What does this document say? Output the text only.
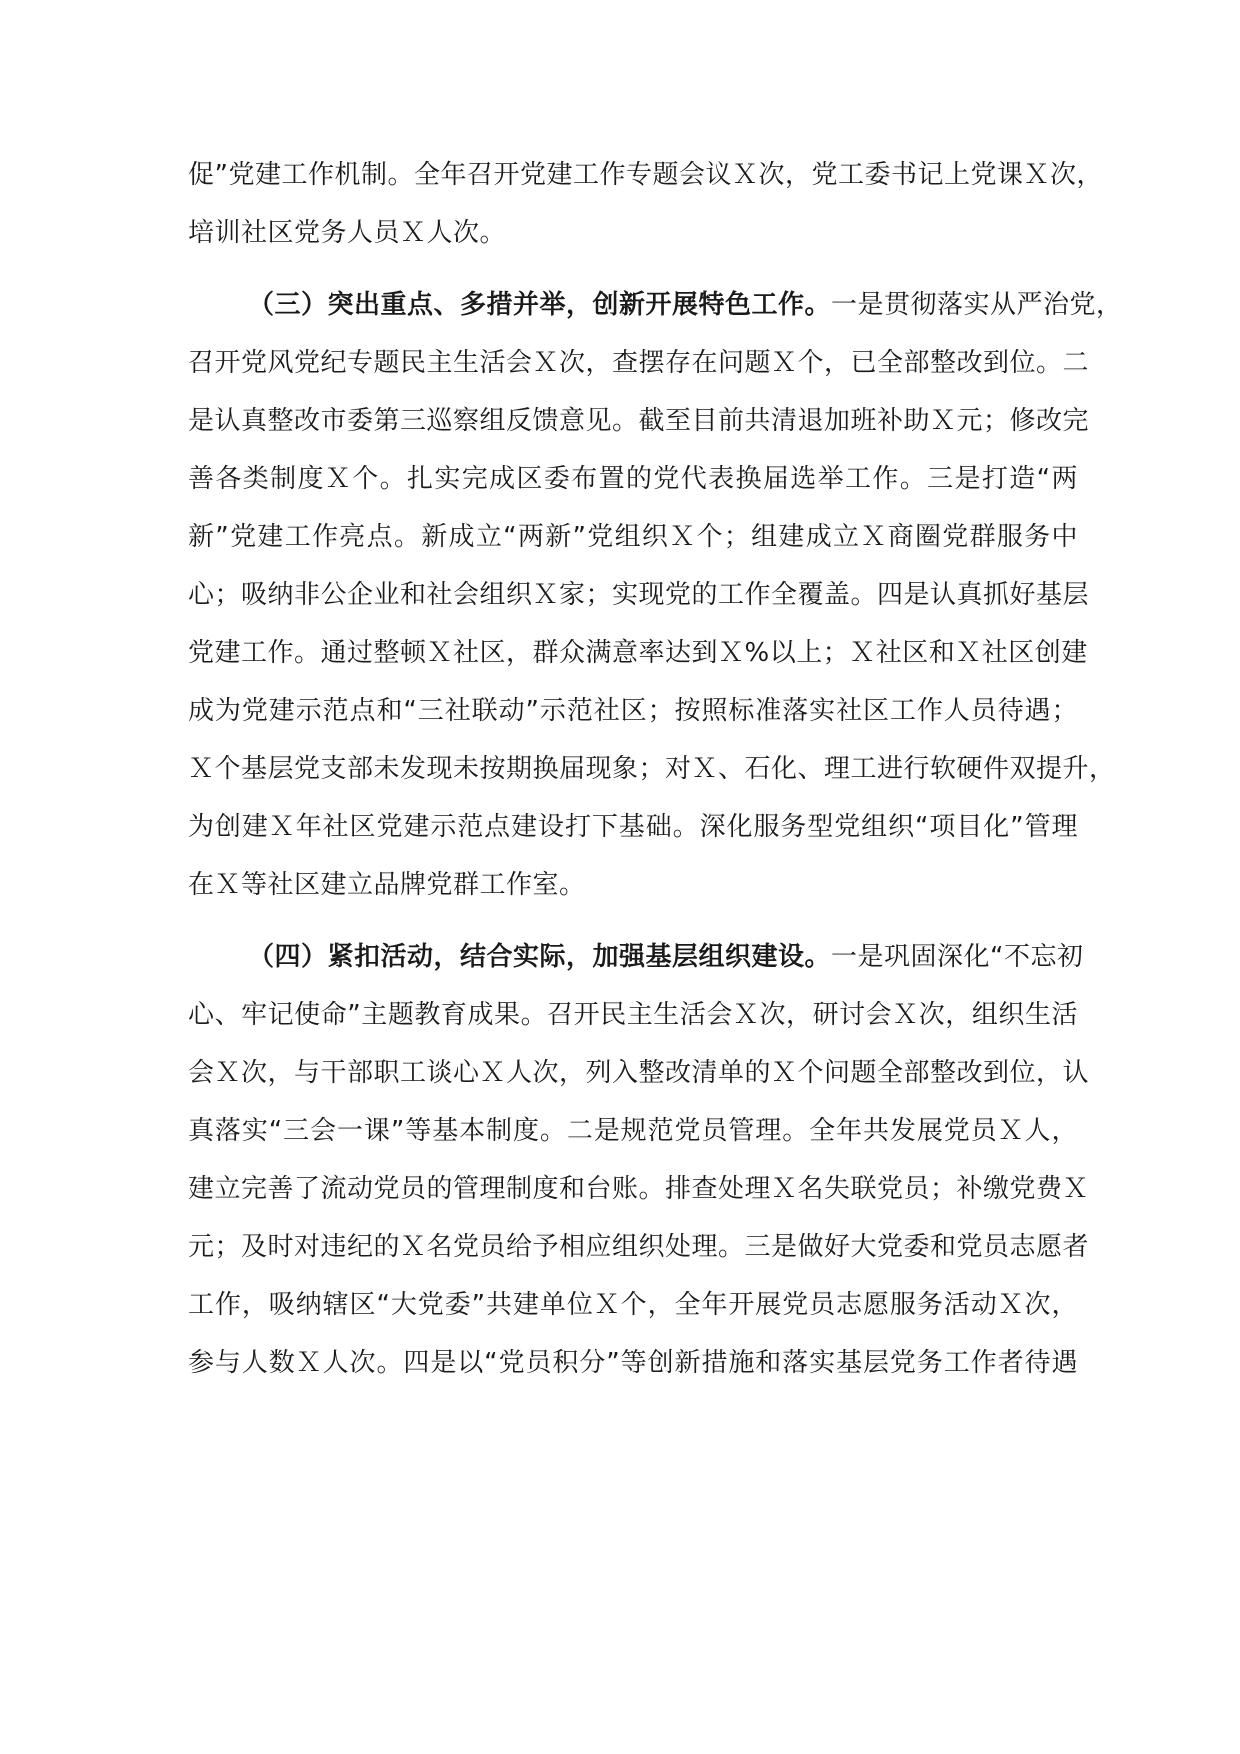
促”党建工作机制。全年召开党建工作专题会议Ｘ次，党工委书记上党课Ｘ次，
培训社区党务人员Ｘ人次。
（三）突出重点、多措并举，创新开展特色工作。一是贯彻落实从严治党，
召开党风党纪专题民主生活会Ｘ次，查摆存在问题Ｘ个，已全部整改到位。二
是认真整改市委第三巡察组反馈意见。截至目前共清退加班补助Ｘ元；修改完
善各类制度Ｘ个。扎实完成区委布置的党代表换届选举工作。三是打造“两
新”党建工作亮点。新成立“两新”党组织Ｘ个；组建成立Ｘ商圈党群服务中
心；吸纳非公企业和社会组织Ｘ家；实现党的工作全覆盖。四是认真抓好基层
党建工作。通过整顿Ｘ社区，群众满意率达到Ｘ%以上；Ｘ社区和Ｘ社区创建
成为党建示范点和“三社联动”示范社区；按照标准落实社区工作人员待遇；
Ｘ个基层党支部未发现未按期换届现象；对Ｘ、石化、理工进行软硬件双提升，
为创建Ｘ年社区党建示范点建设打下基础。深化服务型党组织“项目化”管理
在Ｘ等社区建立品牌党群工作室。
（四）紧扣活动，结合实际，加强基层组织建设。一是巩固深化“不忘初
心、牢记使命”主题教育成果。召开民主生活会Ｘ次，研讨会Ｘ次，组织生活
会Ｘ次，与干部职工谈心Ｘ人次，列入整改清单的Ｘ个问题全部整改到位，认
真落实“三会一课”等基本制度。二是规范党员管理。全年共发展党员Ｘ人，
建立完善了流动党员的管理制度和台账。排查处理Ｘ名失联党员；补缴党费Ｘ
元；及时对违纪的Ｘ名党员给予相应组织处理。三是做好大党委和党员志愿者
工作，吸纳辖区“大党委”共建单位Ｘ个，全年开展党员志愿服务活动Ｘ次，
参与人数Ｘ人次。四是以“党员积分”等创新措施和落实基层党务工作者待遇
